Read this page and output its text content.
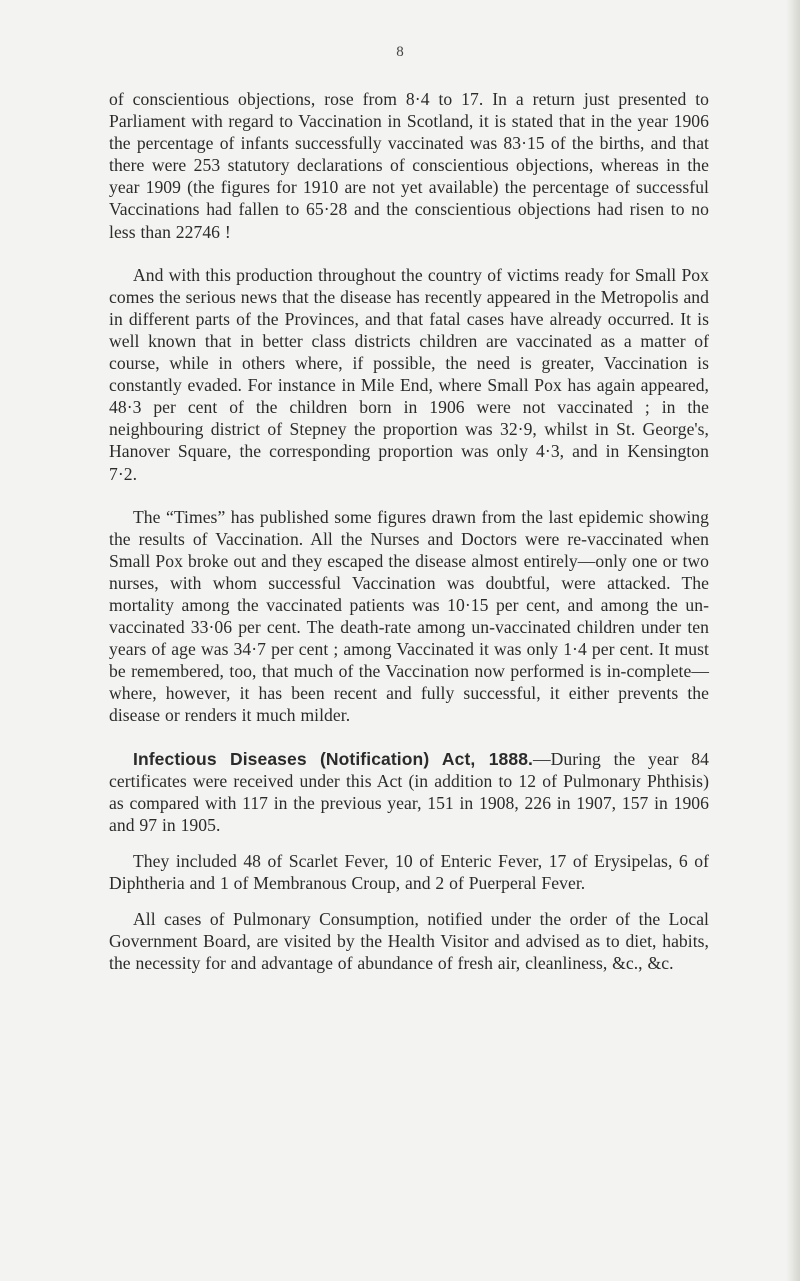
8

of conscientious objections, rose from 8·4 to 17. In a return just presented to Parliament with regard to Vaccination in Scotland, it is stated that in the year 1906 the percentage of infants successfully vaccinated was 83·15 of the births, and that there were 253 statutory declarations of conscientious objections, whereas in the year 1909 (the figures for 1910 are not yet available) the percentage of successful Vaccinations had fallen to 65·28 and the conscientious objections had risen to no less than 22746 !

And with this production throughout the country of victims ready for Small Pox comes the serious news that the disease has recently appeared in the Metropolis and in different parts of the Provinces, and that fatal cases have already occurred. It is well known that in better class districts children are vaccinated as a matter of course, while in others where, if possible, the need is greater, Vaccination is constantly evaded. For instance in Mile End, where Small Pox has again appeared, 48·3 per cent of the children born in 1906 were not vaccinated ; in the neighbouring district of Stepney the proportion was 32·9, whilst in St. George's, Hanover Square, the corresponding proportion was only 4·3, and in Kensington 7·2.

The “Times” has published some figures drawn from the last epidemic showing the results of Vaccination. All the Nurses and Doctors were re-vaccinated when Small Pox broke out and they escaped the disease almost entirely—only one or two nurses, with whom successful Vaccination was doubtful, were attacked. The mortality among the vaccinated patients was 10·15 per cent, and among the un-vaccinated 33·06 per cent. The death-rate among un-vaccinated children under ten years of age was 34·7 per cent ; among Vaccinated it was only 1·4 per cent. It must be remembered, too, that much of the Vaccination now performed is in-complete—where, however, it has been recent and fully successful, it either prevents the disease or renders it much milder.

Infectious Diseases (Notification) Act, 1888.—During the year 84 certificates were received under this Act (in addition to 12 of Pulmonary Phthisis) as compared with 117 in the previous year, 151 in 1908, 226 in 1907, 157 in 1906 and 97 in 1905.

They included 48 of Scarlet Fever, 10 of Enteric Fever, 17 of Erysipelas, 6 of Diphtheria and 1 of Membranous Croup, and 2 of Puerperal Fever.

All cases of Pulmonary Consumption, notified under the order of the Local Government Board, are visited by the Health Visitor and advised as to diet, habits, the necessity for and advantage of abundance of fresh air, cleanliness, &c., &c.
